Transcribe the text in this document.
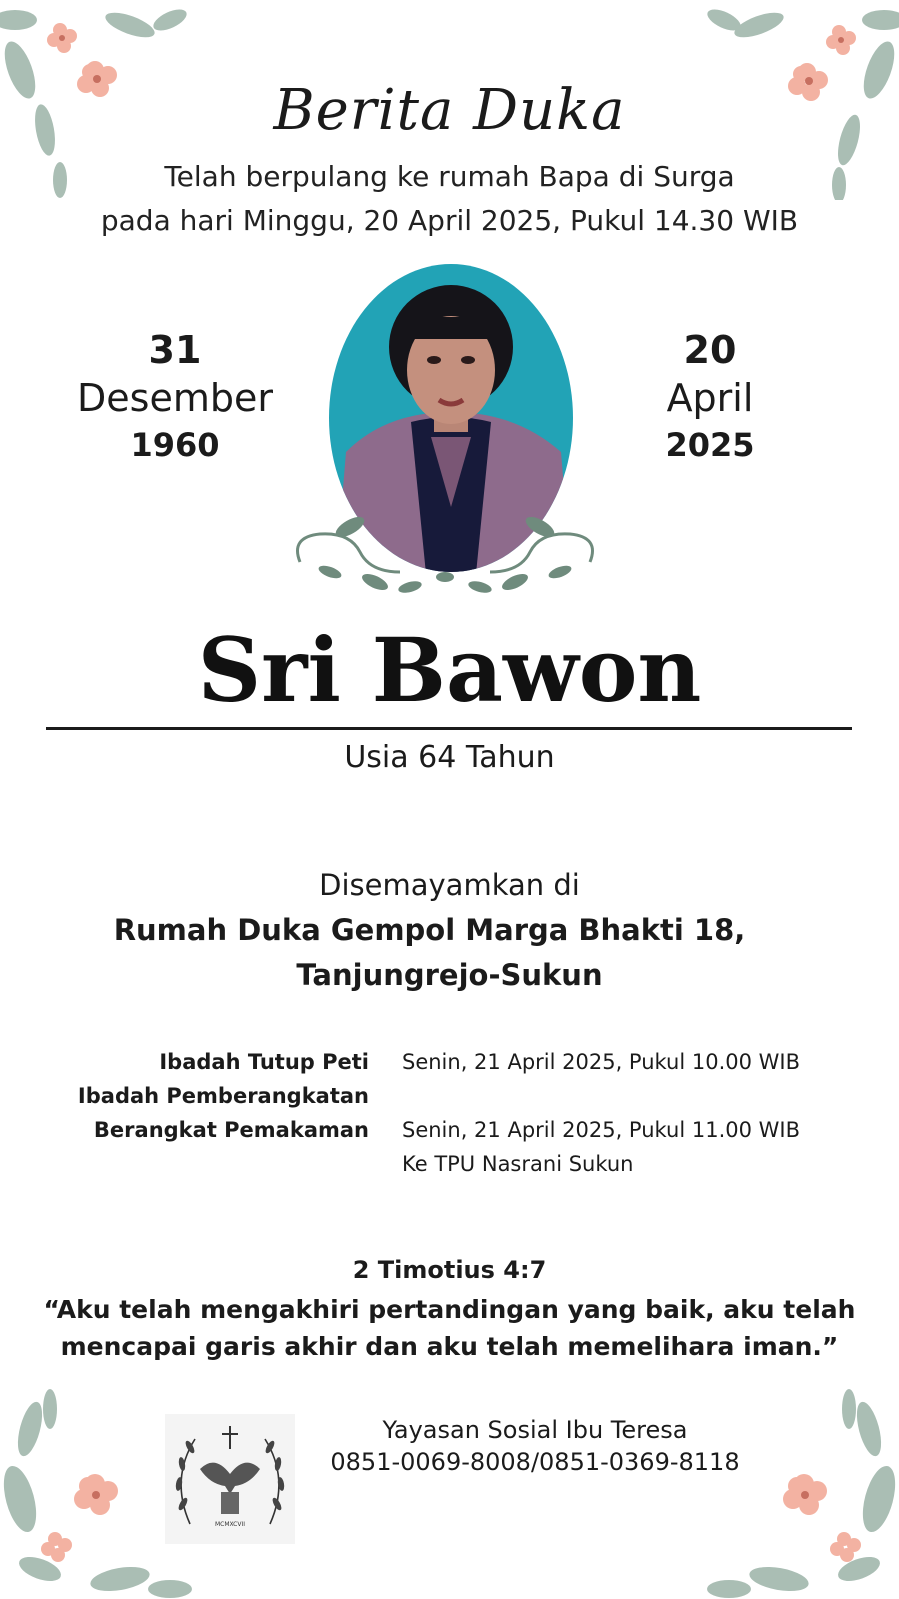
Berita Duka
Telah berpulang ke rumah Bapa di Surga
pada hari Minggu, 20 April 2025, Pukul 14.30 WIB
31
Desember
1960
20
April
2025
Sri Bawon
Usia 64 Tahun
Disemayamkan di
Rumah Duka Gempol Marga Bhakti 18,
Tanjungrejo-Sukun
Ibadah Tutup Peti Senin, 21 April 2025, Pukul 10.00 WIB
Ibadah Pemberangkatan
Berangkat Pemakaman Senin, 21 April 2025, Pukul 11.00 WIB
Ke TPU Nasrani Sukun
2 Timotius 4:7
“Aku telah mengakhiri pertandingan yang baik, aku telah
mencapai garis akhir dan aku telah memelihara iman.”
MCMXCVII
Yayasan Sosial Ibu Teresa
0851-0069-8008/0851-0369-8118
